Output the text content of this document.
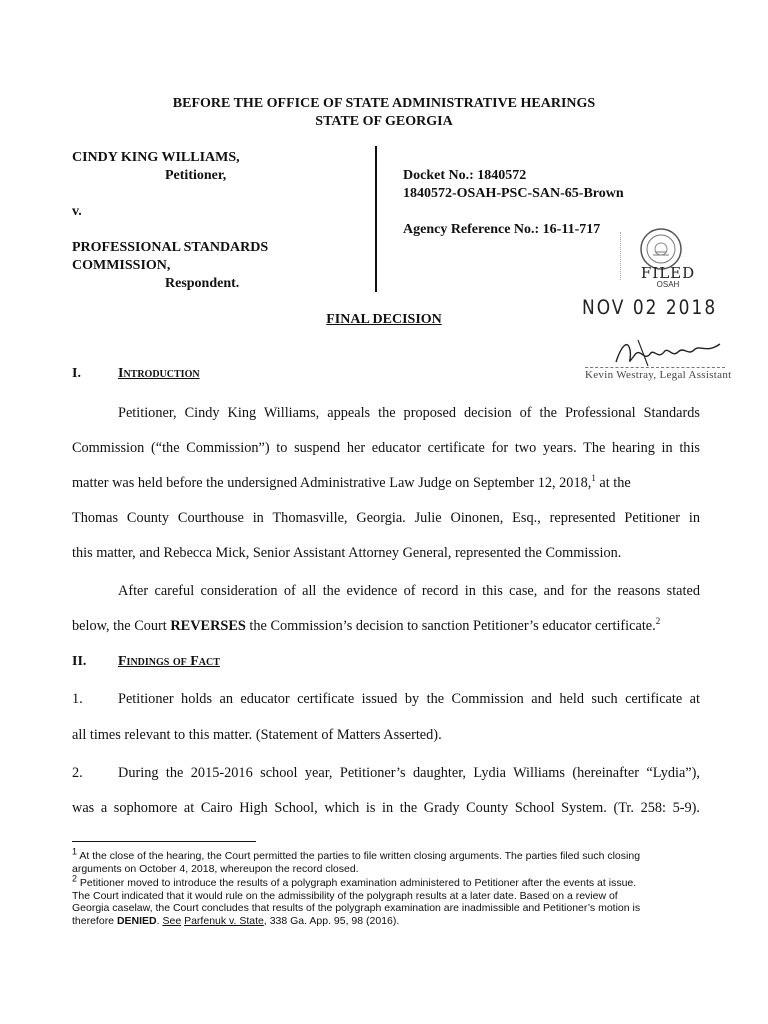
BEFORE THE OFFICE OF STATE ADMINISTRATIVE HEARINGS
STATE OF GEORGIA
CINDY KING WILLIAMS,
Petitioner,
v.
PROFESSIONAL STANDARDS
COMMISSION,
Respondent.
Docket No.: 1840572
1840572-OSAH-PSC-SAN-65-Brown
Agency Reference No.: 16-11-717
FILED
OSAH
NOV 02 2018
Kevin Westray, Legal Assistant
FINAL DECISION
I.	Introduction
Petitioner, Cindy King Williams, appeals the proposed decision of the Professional Standards
Commission (“the Commission”) to suspend her educator certificate for two years. The hearing in this
matter was held before the undersigned Administrative Law Judge on September 12, 2018,$^1$ at the
Thomas County Courthouse in Thomasville, Georgia. Julie Oinonen, Esq., represented Petitioner in
this matter, and Rebecca Mick, Senior Assistant Attorney General, represented the Commission.
After careful consideration of all the evidence of record in this case, and for the reasons stated
below, the Court REVERSES the Commission’s decision to sanction Petitioner’s educator certificate.$^2$
II. Findings of Fact
1.	Petitioner holds an educator certificate issued by the Commission and held such certificate at
all times relevant to this matter. (Statement of Matters Asserted).
2.	During the 2015-2016 school year, Petitioner’s daughter, Lydia Williams (hereinafter “Lydia”),
was a sophomore at Cairo High School, which is in the Grady County School System. (Tr. 258: 5-9).
$^1$ At the close of the hearing, the Court permitted the parties to file written closing arguments. The parties filed such closing
arguments on October 4, 2018, whereupon the record closed.
$^2$ Petitioner moved to introduce the results of a polygraph examination administered to Petitioner after the events at issue.
The Court indicated that it would rule on the admissibility of the polygraph results at a later date. Based on a review of
Georgia caselaw, the Court concludes that results of the polygraph examination are inadmissible and Petitioner’s motion is
therefore DENIED. See Parfenuk v. State, 338 Ga. App. 95, 98 (2016).
